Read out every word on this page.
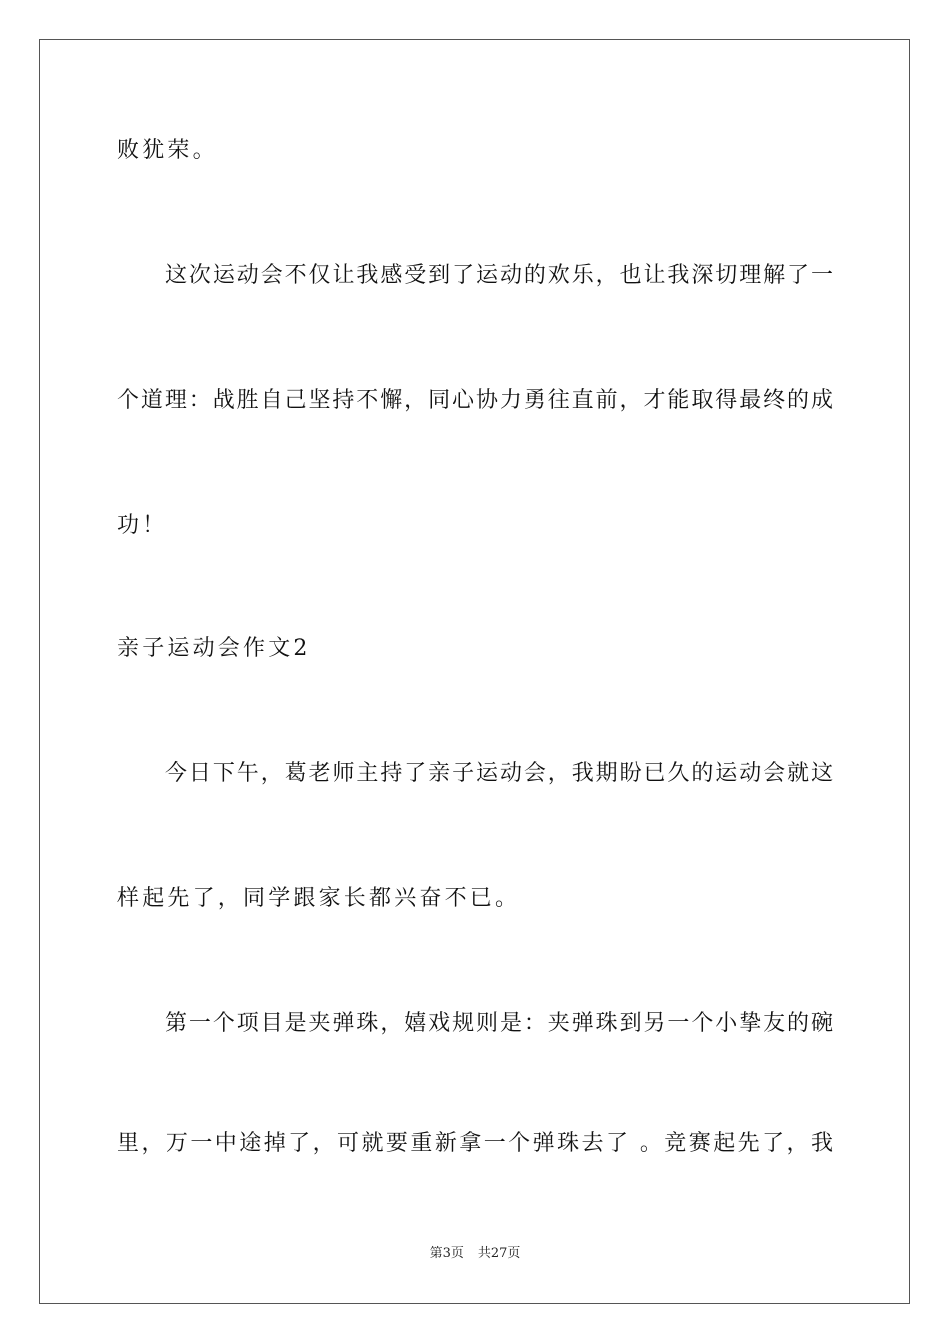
败犹荣。
这次运动会不仅让我感受到了运动的欢乐，也让我深切理解了一
个道理：战胜自己坚持不懈，同心协力勇往直前，才能取得最终的成
功！
亲子运动会作文2
今日下午，葛老师主持了亲子运动会，我期盼已久的运动会就这
样起先了，同学跟家长都兴奋不已。
第一个项目是夹弹珠，嬉戏规则是：夹弹珠到另一个小挚友的碗
里，万一中途掉了，可就要重新拿一个弹珠去了 。竞赛起先了，我
第3页 共27页
